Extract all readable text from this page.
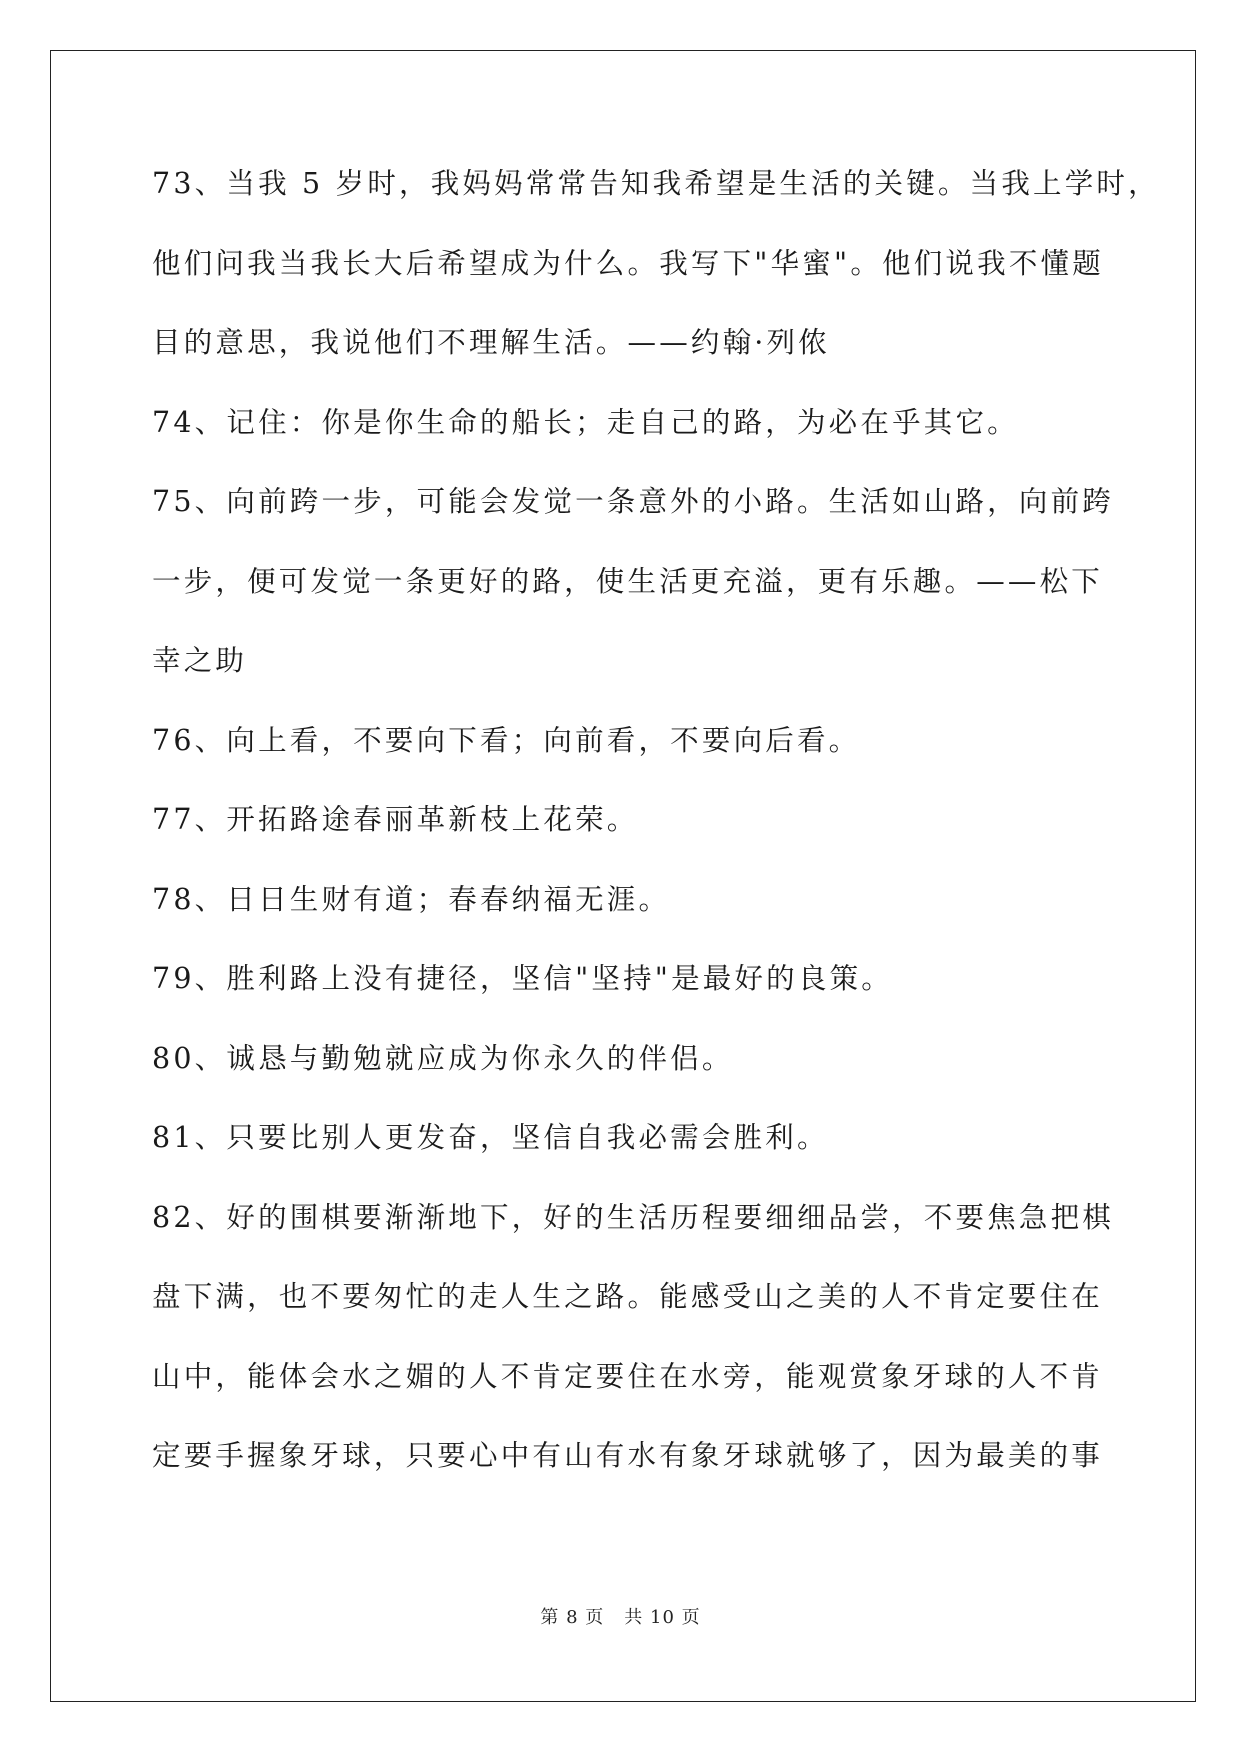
73、当我 5 岁时，我妈妈常常告知我希望是生活的关键。当我上学时，
他们问我当我长大后希望成为什么。我写下"华蜜"。他们说我不懂题
目的意思，我说他们不理解生活。——约翰·列侬
74、记住：你是你生命的船长；走自己的路，为必在乎其它。
75、向前跨一步，可能会发觉一条意外的小路。生活如山路，向前跨
一步，便可发觉一条更好的路，使生活更充溢，更有乐趣。——松下
幸之助
76、向上看，不要向下看；向前看，不要向后看。
77、开拓路途春丽革新枝上花荣。
78、日日生财有道；春春纳福无涯。
79、胜利路上没有捷径，坚信"坚持"是最好的良策。
80、诚恳与勤勉就应成为你永久的伴侣。
81、只要比别人更发奋，坚信自我必需会胜利。
82、好的围棋要渐渐地下，好的生活历程要细细品尝，不要焦急把棋
盘下满，也不要匆忙的走人生之路。能感受山之美的人不肯定要住在
山中，能体会水之媚的人不肯定要住在水旁，能观赏象牙球的人不肯
定要手握象牙球，只要心中有山有水有象牙球就够了，因为最美的事
第 8 页 共 10 页
